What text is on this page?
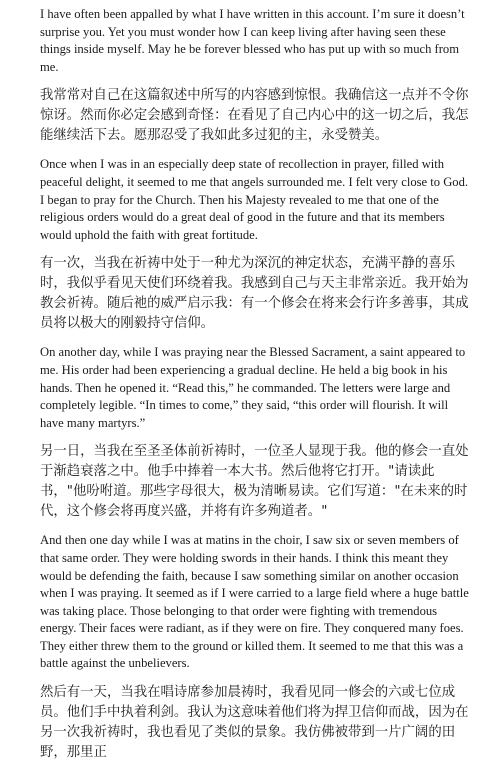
I have often been appalled by what I have written in this account. I’m sure it doesn’t surprise you. Yet you must wonder how I can keep living after having seen these things inside myself. May he be forever blessed who has put up with so much from me.

我常常对自己在这篇叙述中所写的内容感到惊恨。我确信这一点并不令你惊讶。然而你必定会感到奇怪：在看见了自己内心中的这一切之后，我怎能继续活下去。愿那忍受了我如此多过犯的主，永受赞美。

Once when I was in an especially deep state of recollection in prayer, filled with peaceful delight, it seemed to me that angels surrounded me. I felt very close to God. I began to pray for the Church. Then his Majesty revealed to me that one of the religious orders would do a great deal of good in the future and that its members would uphold the faith with great fortitude.

有一次，当我在祈祷中处于一种尤为深沉的神定状态，充满平静的喜乐时，我似乎看见天使们环绕着我。我感到自己与天主非常亲近。我开始为教会祈祷。随后祂的威严启示我：有一个修会在将来会行许多善事，其成员将以极大的刚毅持守信仰。

On another day, while I was praying near the Blessed Sacrament, a saint appeared to me. His order had been experiencing a gradual decline. He held a big book in his hands. Then he opened it. “Read this,” he commanded. The letters were large and completely legible. “In times to come,” they said, “this order will flourish. It will have many martyrs.”

另一日，当我在至圣圣体前祈祷时，一位圣人显现于我。他的修会一直处于渐趋衰落之中。他手中捧着一本大书。然后他将它打开。"请读此书，"他吩咐道。那些字母很大，极为清晰易读。它们写道："在未来的时代，这个修会将再度兴盛，并将有许多殉道者。"

And then one day while I was at matins in the choir, I saw six or seven members of that same order. They were holding swords in their hands. I think this meant they would be defending the faith, because I saw something similar on another occasion when I was praying. It seemed as if I were carried to a large field where a huge battle was taking place. Those belonging to that order were fighting with tremendous energy. Their faces were radiant, as if they were on fire. They conquered many foes. They either threw them to the ground or killed them. It seemed to me that this was a battle against the unbelievers.

然后有一天，当我在唱诗席参加晨祷时，我看见同一修会的六或七位成员。他们手中执着利剑。我认为这意味着他们将为捍卫信仰而战，因为在另一次我祈祷时，我也看见了类似的景象。我仿佛被带到一片广阔的田野，那里正
